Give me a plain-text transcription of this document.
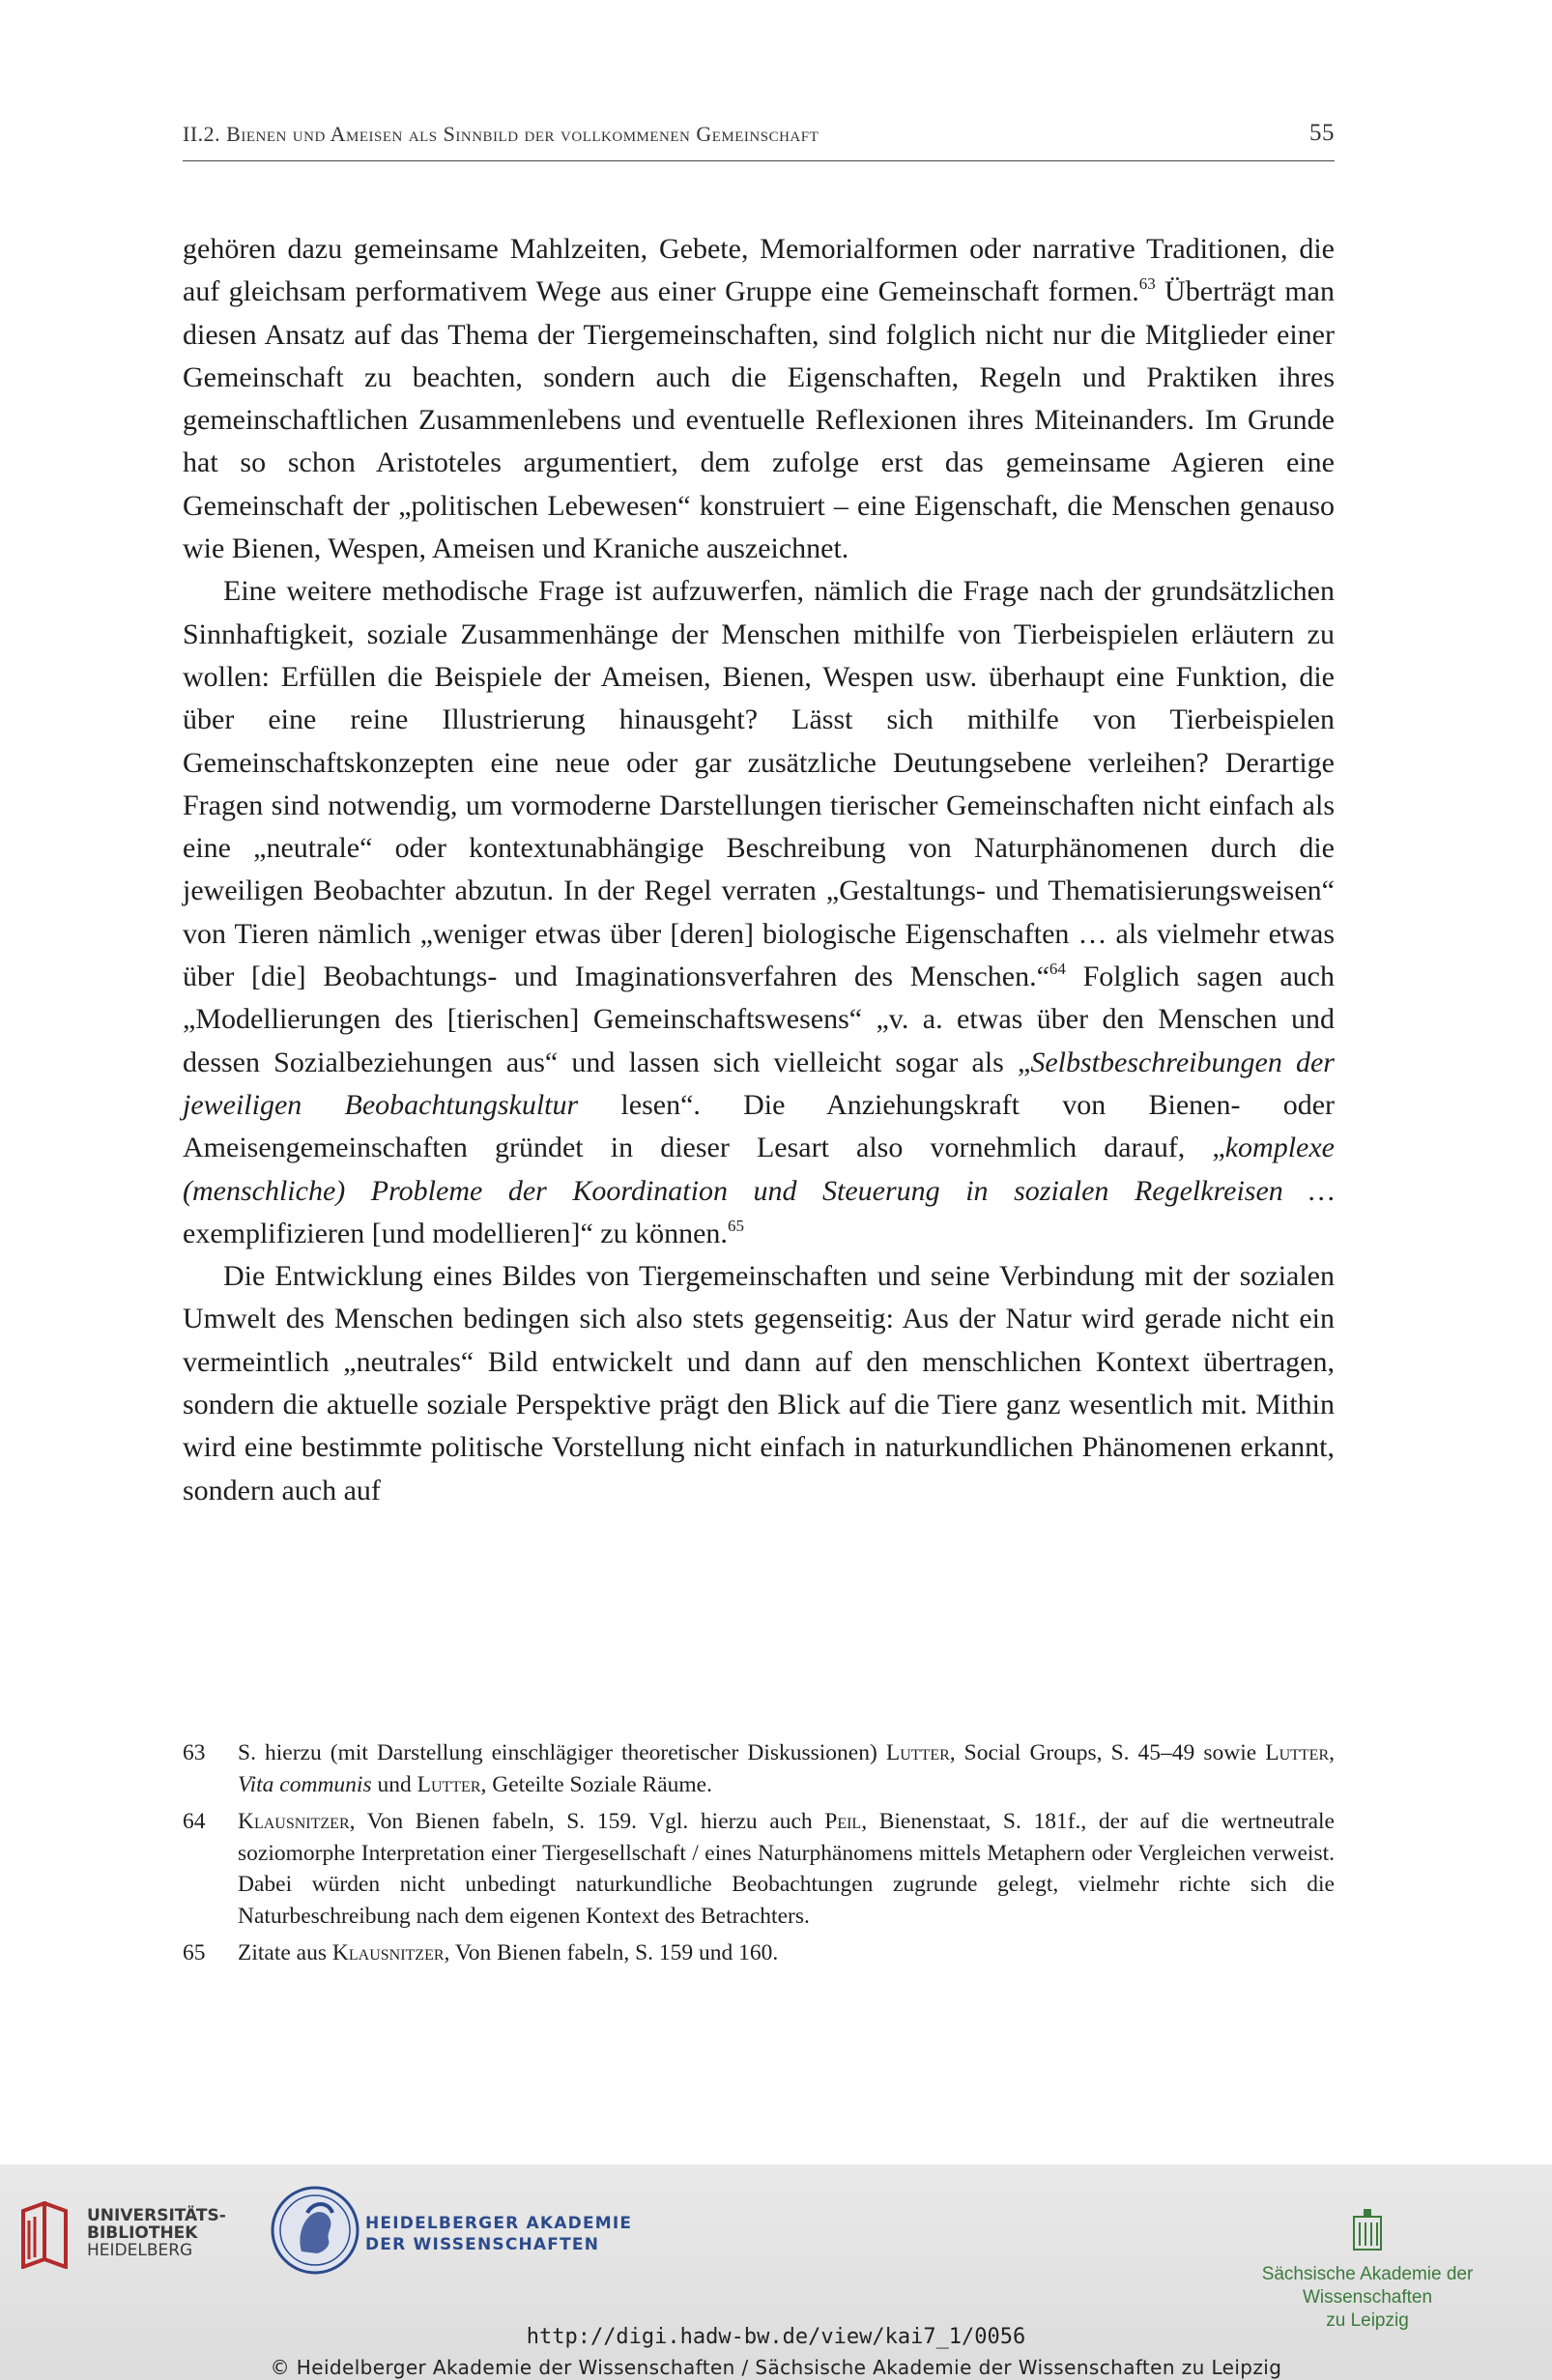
II.2. Bienen und Ameisen als Sinnbild der vollkommenen Gemeinschaft	55

gehören dazu gemeinsame Mahlzeiten, Gebete, Memorialformen oder narrative Traditionen, die auf gleichsam performativem Wege aus einer Gruppe eine Gemeinschaft formen.$^{63}$ Überträgt man diesen Ansatz auf das Thema der Tiergemeinschaften, sind folglich nicht nur die Mitglieder einer Gemeinschaft zu beachten, sondern auch die Eigenschaften, Regeln und Praktiken ihres gemeinschaftlichen Zusammenlebens und eventuelle Reflexionen ihres Miteinanders. Im Grunde hat so schon Aristoteles argumentiert, dem zufolge erst das gemeinsame Agieren eine Gemeinschaft der „politischen Lebewesen“ konstruiert – eine Eigenschaft, die Menschen genauso wie Bienen, Wespen, Ameisen und Kraniche auszeichnet.

Eine weitere methodische Frage ist aufzuwerfen, nämlich die Frage nach der grundsätzlichen Sinnhaftigkeit, soziale Zusammenhänge der Menschen mithilfe von Tierbeispielen erläutern zu wollen: Erfüllen die Beispiele der Ameisen, Bienen, Wespen usw. überhaupt eine Funktion, die über eine reine Illustrierung hinausgeht? Lässt sich mithilfe von Tierbeispielen Gemeinschaftskonzepten eine neue oder gar zusätzliche Deutungsebene verleihen? Derartige Fragen sind notwendig, um vormoderne Darstellungen tierischer Gemeinschaften nicht einfach als eine „neutrale“ oder kontextunabhängige Beschreibung von Naturphänomenen durch die jeweiligen Beobachter abzutun. In der Regel verraten „Gestaltungs- und Thematisierungsweisen“ von Tieren nämlich „weniger etwas über [deren] biologische Eigenschaften … als vielmehr etwas über [die] Beobachtungs- und Imaginationsverfahren des Menschen.“$^{64}$ Folglich sagen auch „Modellierungen des [tierischen] Gemeinschaftswesens“ „v. a. etwas über den Menschen und dessen Sozialbeziehungen aus“ und lassen sich vielleicht sogar als „Selbstbeschreibungen der jeweiligen Beobachtungskultur lesen“. Die Anziehungskraft von Bienen- oder Ameisengemeinschaften gründet in dieser Lesart also vornehmlich darauf, „komplexe (menschliche) Probleme der Koordination und Steuerung in sozialen Regelkreisen … exemplifizieren [und modellieren]“ zu können.$^{65}$

Die Entwicklung eines Bildes von Tiergemeinschaften und seine Verbindung mit der sozialen Umwelt des Menschen bedingen sich also stets gegenseitig: Aus der Natur wird gerade nicht ein vermeintlich „neutrales“ Bild entwickelt und dann auf den menschlichen Kontext übertragen, sondern die aktuelle soziale Perspektive prägt den Blick auf die Tiere ganz wesentlich mit. Mithin wird eine bestimmte politische Vorstellung nicht einfach in naturkundlichen Phänomenen erkannt, sondern auch auf

63 S. hierzu (mit Darstellung einschlägiger theoretischer Diskussionen) Lutter, Social Groups, S. 45–49 sowie Lutter, Vita communis und Lutter, Geteilte Soziale Räume.
64 Klausnitzer, Von Bienen fabeln, S. 159. Vgl. hierzu auch Peil, Bienenstaat, S. 181f., der auf die wertneutrale soziomorphe Interpretation einer Tiergesellschaft / eines Naturphänomens mittels Metaphern oder Vergleichen verweist. Dabei würden nicht unbedingt naturkundliche Beobachtungen zugrunde gelegt, vielmehr richte sich die Naturbeschreibung nach dem eigenen Kontext des Betrachters.
65 Zitate aus Klausnitzer, Von Bienen fabeln, S. 159 und 160.
UNIVERSITÄTS-
BIBLIOTHEK
HEIDELBERG
HEIDELBERGER AKADEMIE
DER WISSENSCHAFTEN
Sächsische Akademie der Wissenschaften
zu Leipzig
http://digi.hadw-bw.de/view/kai7_1/0056
© Heidelberger Akademie der Wissenschaften / Sächsische Akademie der Wissenschaften zu Leipzig
